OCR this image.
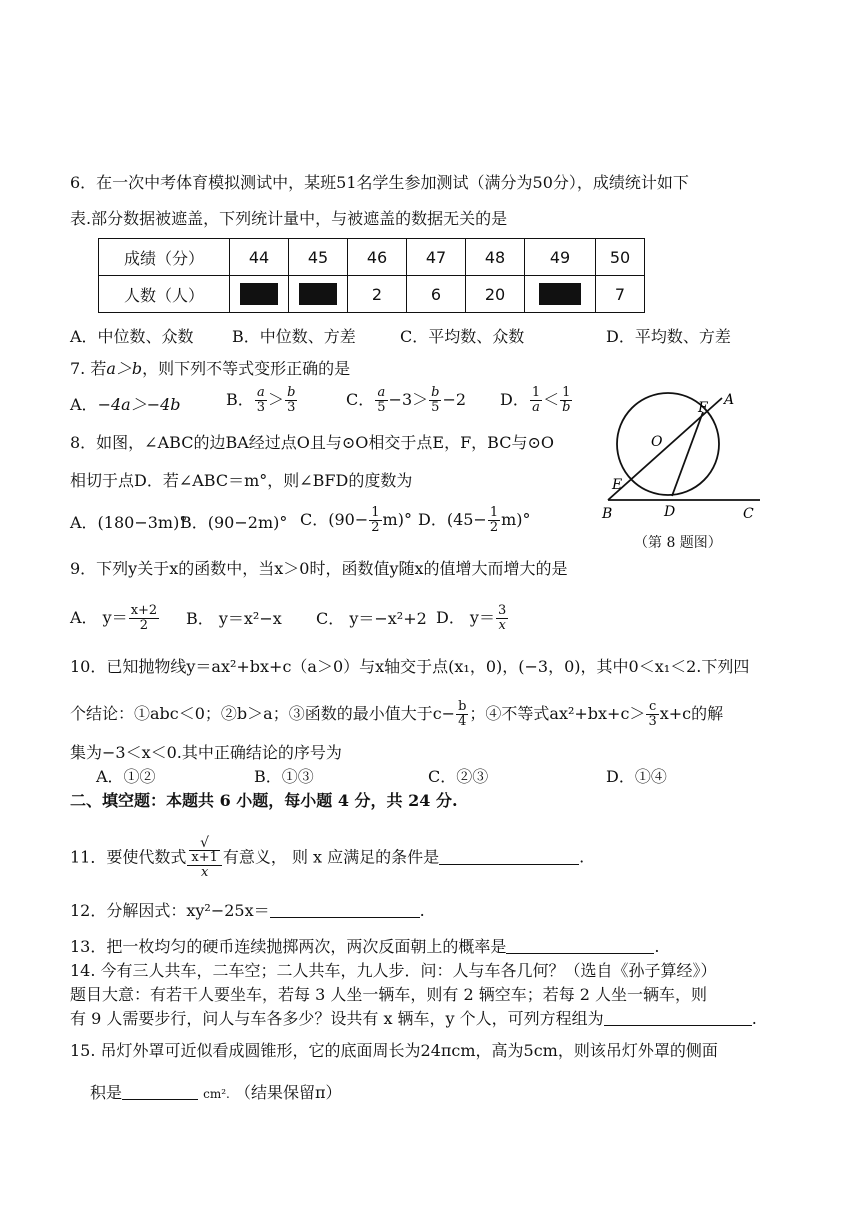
6．在一次中考体育模拟测试中，某班51名学生参加测试（满分为50分），成绩统计如下
表.部分数据被遮盖，下列统计量中，与被遮盖的数据无关的是
成绩（分）	44	45	46	47	48	49	50
人数（人）			2	6	20		7
A．中位数、众数 B．中位数、方差	C．平均数、众数	D．平均数、方差
7. 若a＞b，则下列不等式变形正确的是
A．−4a＞−4b	B． $\frac{a}{3} > \frac{b}{3}$	C． $\frac{a}{5} -3> \frac{b}{5} -2$ D． $\frac{1}{a}< \frac{1}{b}$
8．如图，∠ABC的边BA经过点O且与⊙O相交于点E，F，BC与⊙O
相切于点D．若∠ABC＝m°，则∠BFD的度数为
A．(180−3m)°
B．(90−2m)° C．$(90- \frac{1}{2} m)^\circ$ D．$(45- \frac{1}{2} m)^\circ$
A
F
O
E
D
B	C
（第 8 题图）
9．下列y关于x的函数中，当x＞0时，函数值y随x的值增大而增大的是
A． $y= \frac{x+2}{2}$ B． y＝x²−x C． y＝−x²+2 D． $y= \frac{3}{x}$
10．已知抛物线y＝ax²+bx+c（a＞0）与x轴交于点(x₁，0)，(−3，0)，其中0＜x₁＜2.下列四
个结论：①abc＜0；②b＞a；③函数的最小值大于$c- \frac{b}{4}$ ；④不等式$ax^2+bx+c> \frac{c}{3} x+c$的解
集为−3＜x＜0.其中正确结论的序号为
A．①②	B．①③	C．②③	D．①④
二、填空题：本题共 6 小题，每小题 4 分，共 24 分.
11．要使代数式 √
x+1
x有意义， 则 x 应满足的条件是	.
12．分解因式：xy²−25x＝	.
13．把一枚均匀的硬币连续抛掷两次，两次反面朝上的概率是	.
14. 今有三人共车，二车空；二人共车，九人步．问：人与车各几何？（选自《孙子算经》）
题目大意：有若干人要坐车，若每 3 人坐一辆车，则有 2 辆空车；若每 2 人坐一辆车，则
有 9 人需要步行，问人与车各多少？设共有 x 辆车，y 个人，可列方程组为	.
15. 吊灯外罩可近似看成圆锥形，它的底面周长为24πcm，高为5cm，则该吊灯外罩的侧面
积是	cm². （结果保留π）
